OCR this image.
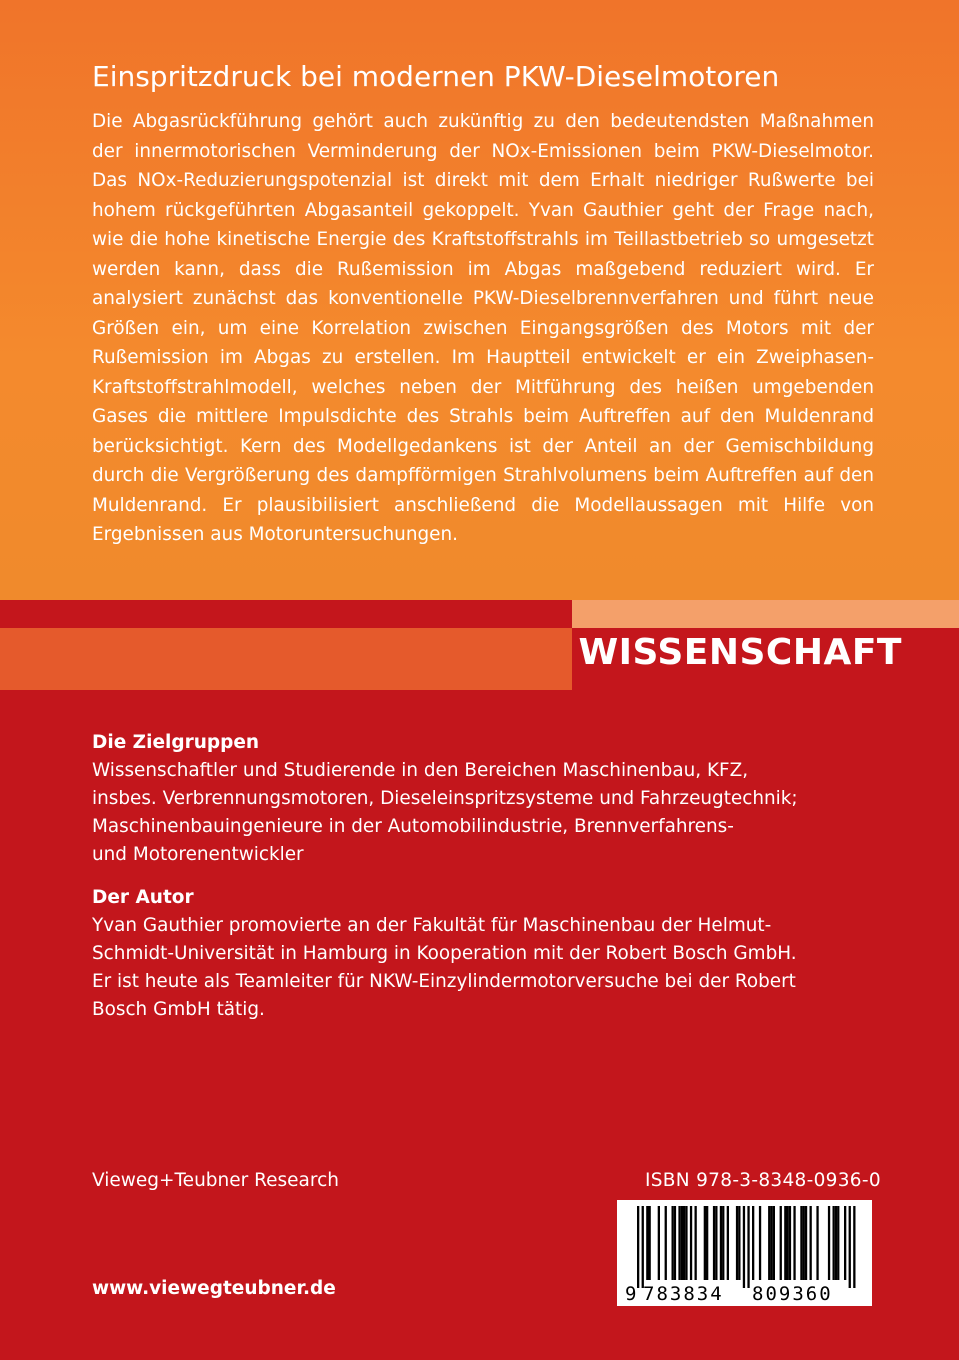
WISSENSCHAFT
Einspritzdruck bei modernen PKW-Dieselmotoren

Die Abgasrückführung gehört auch zukünftig zu den bedeutendsten Maßnahmen der innermotorischen Verminderung der NOx-Emissionen beim PKW-Dieselmotor. Das NOx-Reduzierungspotenzial ist direkt mit dem Erhalt niedriger Rußwerte bei hohem rückgeführten Abgasanteil gekoppelt. Yvan Gauthier geht der Frage nach, wie die hohe kinetische Energie des Kraftstoffstrahls im Teillastbetrieb so umgesetzt werden kann, dass die Rußemission im Abgas maßgebend reduziert wird. Er analysiert zunächst das konventionelle PKW-Dieselbrennverfahren und führt neue Größen ein, um eine Korrelation zwischen Eingangsgrößen des Motors mit der Rußemission im Abgas zu erstellen. Im Hauptteil entwickelt er ein Zweiphasen-Kraftstoffstrahlmodell, welches neben der Mitführung des heißen umgebenden Gases die mittlere Impulsdichte des Strahls beim Auftreffen auf den Muldenrand berücksichtigt. Kern des Modellgedankens ist der Anteil an der Gemischbildung durch die Vergrößerung des dampfförmigen Strahlvolumens beim Auftreffen auf den Muldenrand. Er plausibilisiert anschließend die Modellaussagen mit Hilfe von Ergebnissen aus Motoruntersuchungen.

Die Zielgruppen

Wissenschaftler und Studierende in den Bereichen Maschinenbau, KFZ,

insbes. Verbrennungsmotoren, Dieseleinspritzsysteme und Fahrzeugtechnik;

Maschinenbauingenieure in der Automobilindustrie, Brennverfahrens-

und Motorenentwickler

Der Autor

Yvan Gauthier promovierte an der Fakultät für Maschinenbau der Helmut-

Schmidt-Universität in Hamburg in Kooperation mit der Robert Bosch GmbH.

Er ist heute als Teamleiter für NKW-Einzylindermotorversuche bei der Robert

Bosch GmbH tätig.

Vieweg+Teubner Research
www.viewegteubner.de
ISBN 978-3-8348-0936-0
9 783834 809360
